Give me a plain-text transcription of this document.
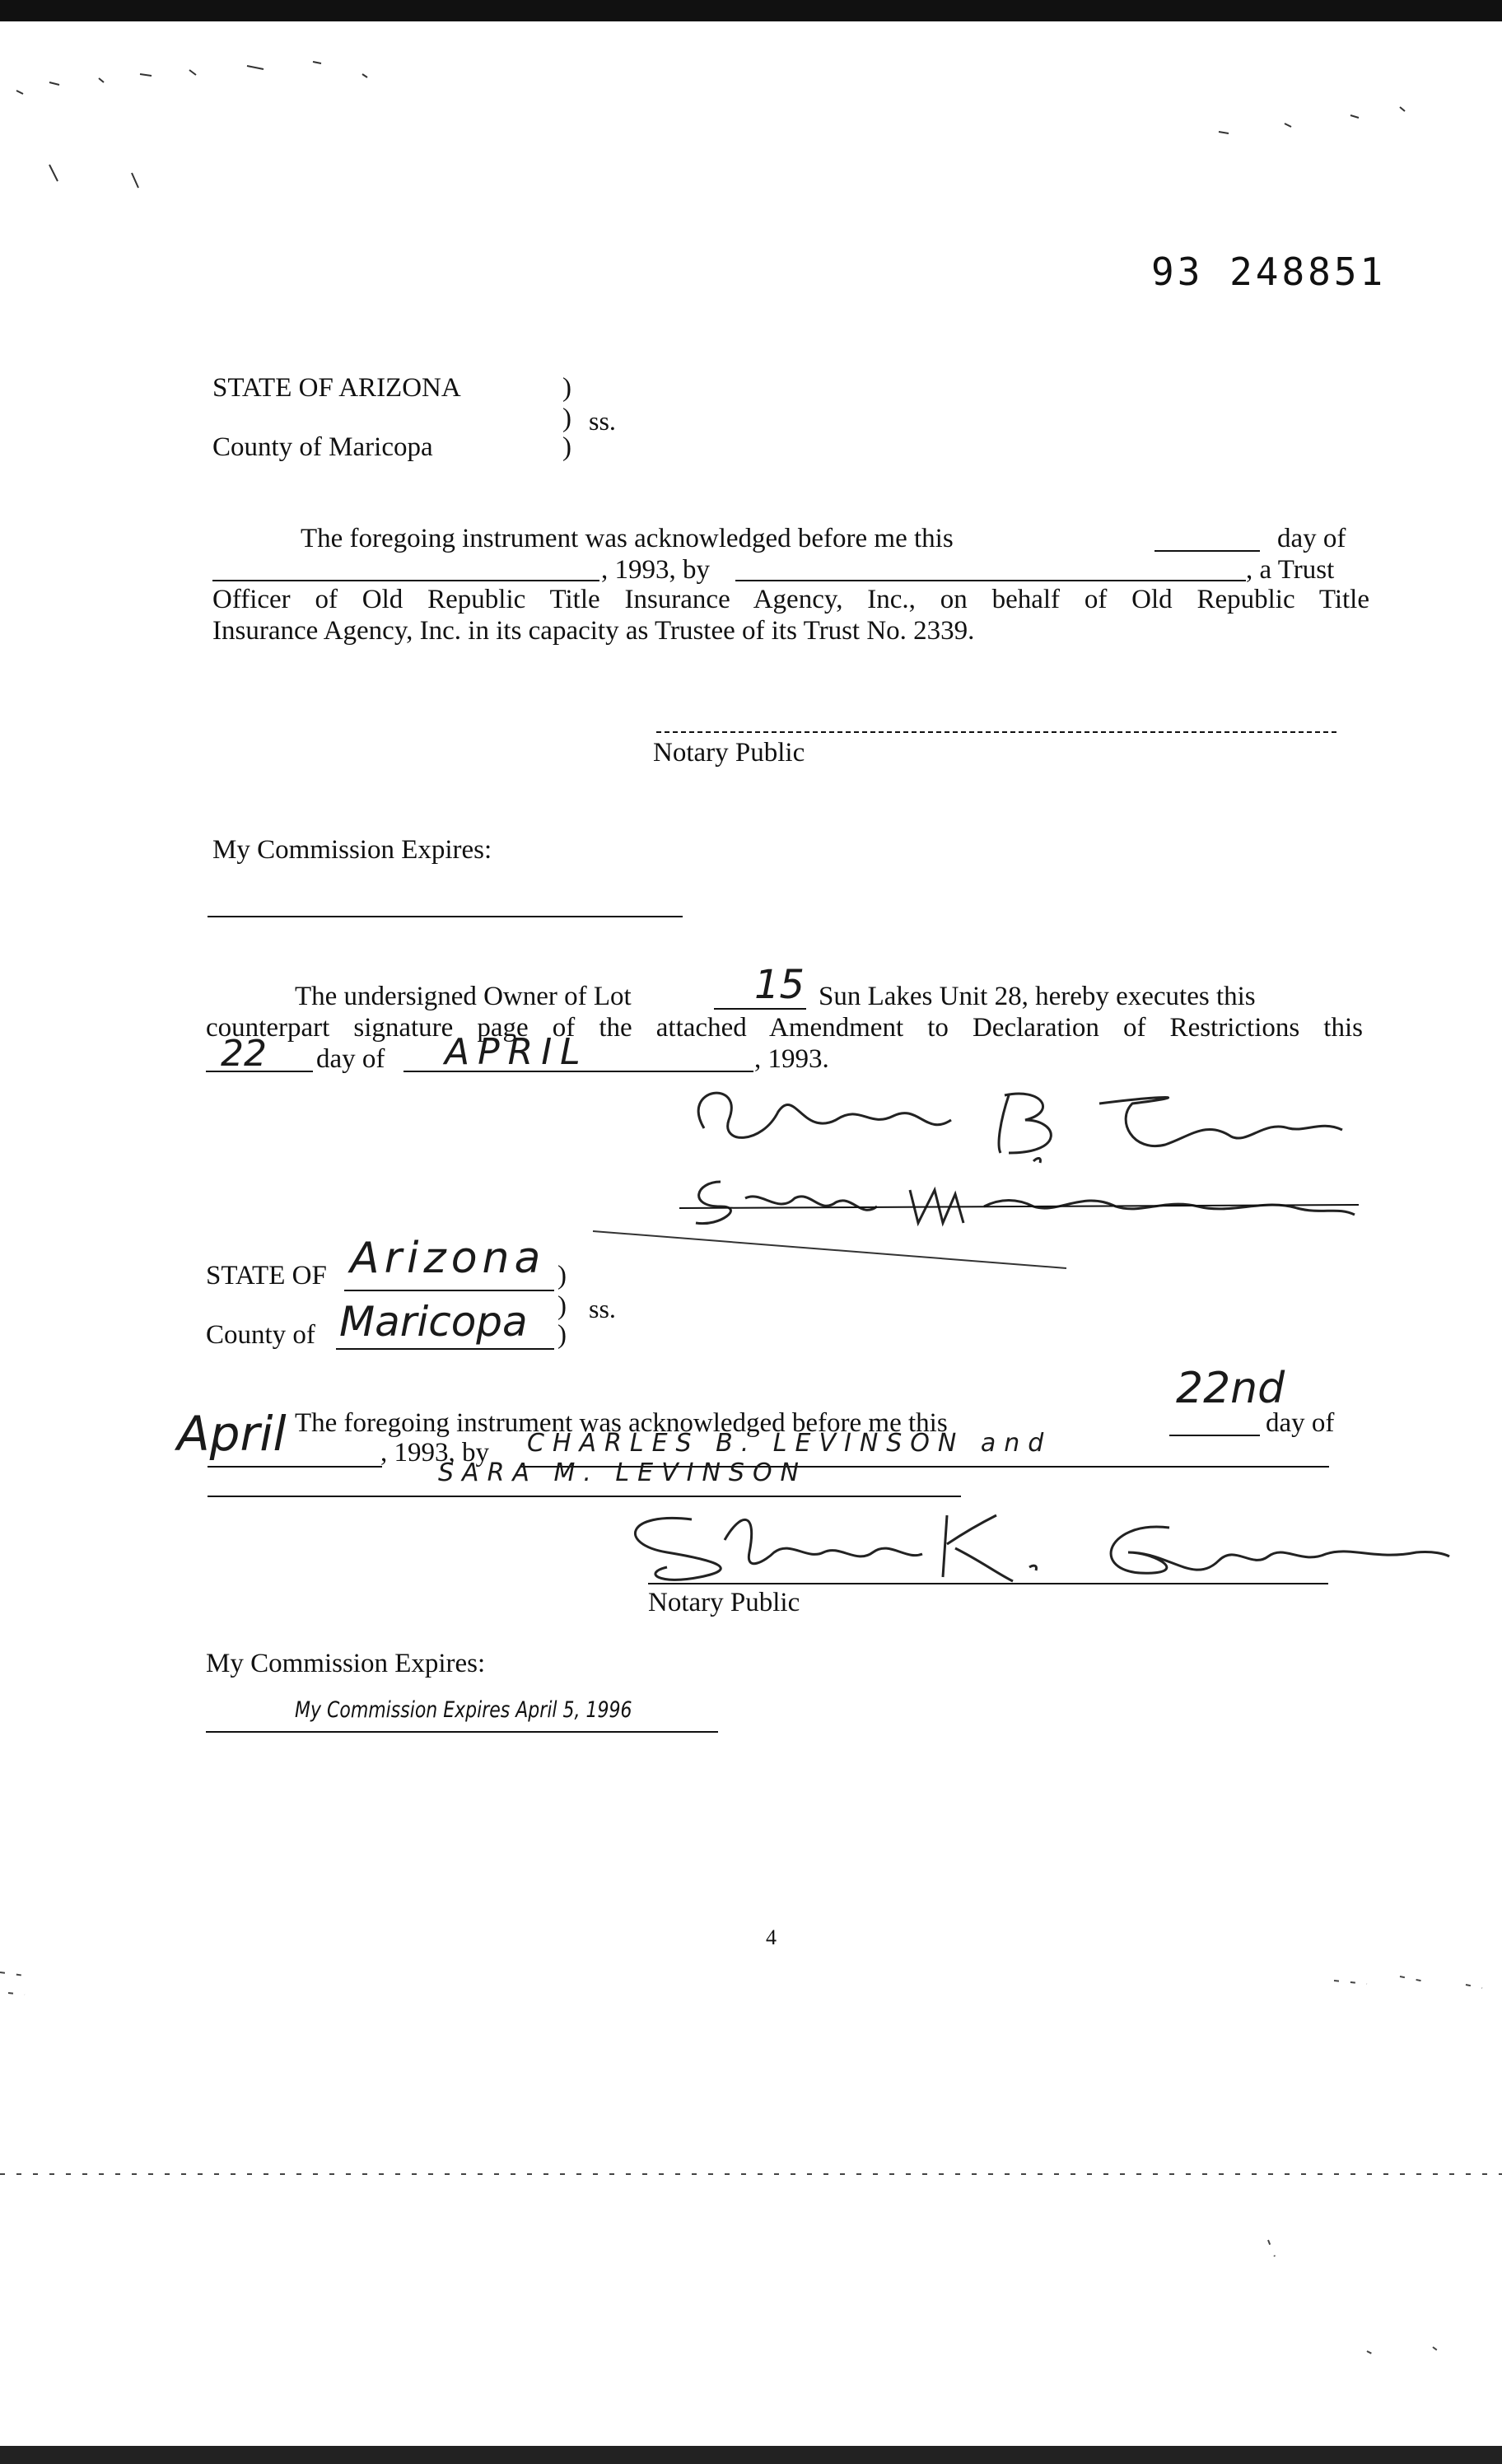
93 248851
STATE OF ARIZONA	)
) ss.
County of Maricopa	)
The foregoing instrument was acknowledged before me this	day of
, 1993, by	, a Trust
Officer of Old Republic Title Insurance Agency, Inc., on behalf of Old Republic Title
Insurance Agency, Inc. in its capacity as Trustee of its Trust No. 2339.
Notary Public
My Commission Expires:
The undersigned Owner of Lot	15 Sun Lakes Unit 28, hereby executes this
counterpart signature page of the attached Amendment to Declaration of Restrictions this
22 day of APRIL	, 1993.
STATE OF Arizona )
) ss.
County of Maricopa )
The foregoing instrument was acknowledged before me this
22nd
day of
April	, 1993, by CHARLES B. LEVINSON and
SARA M. LEVINSON
Notary Public
My Commission Expires:
My Commission Expires April 5, 1996
4
